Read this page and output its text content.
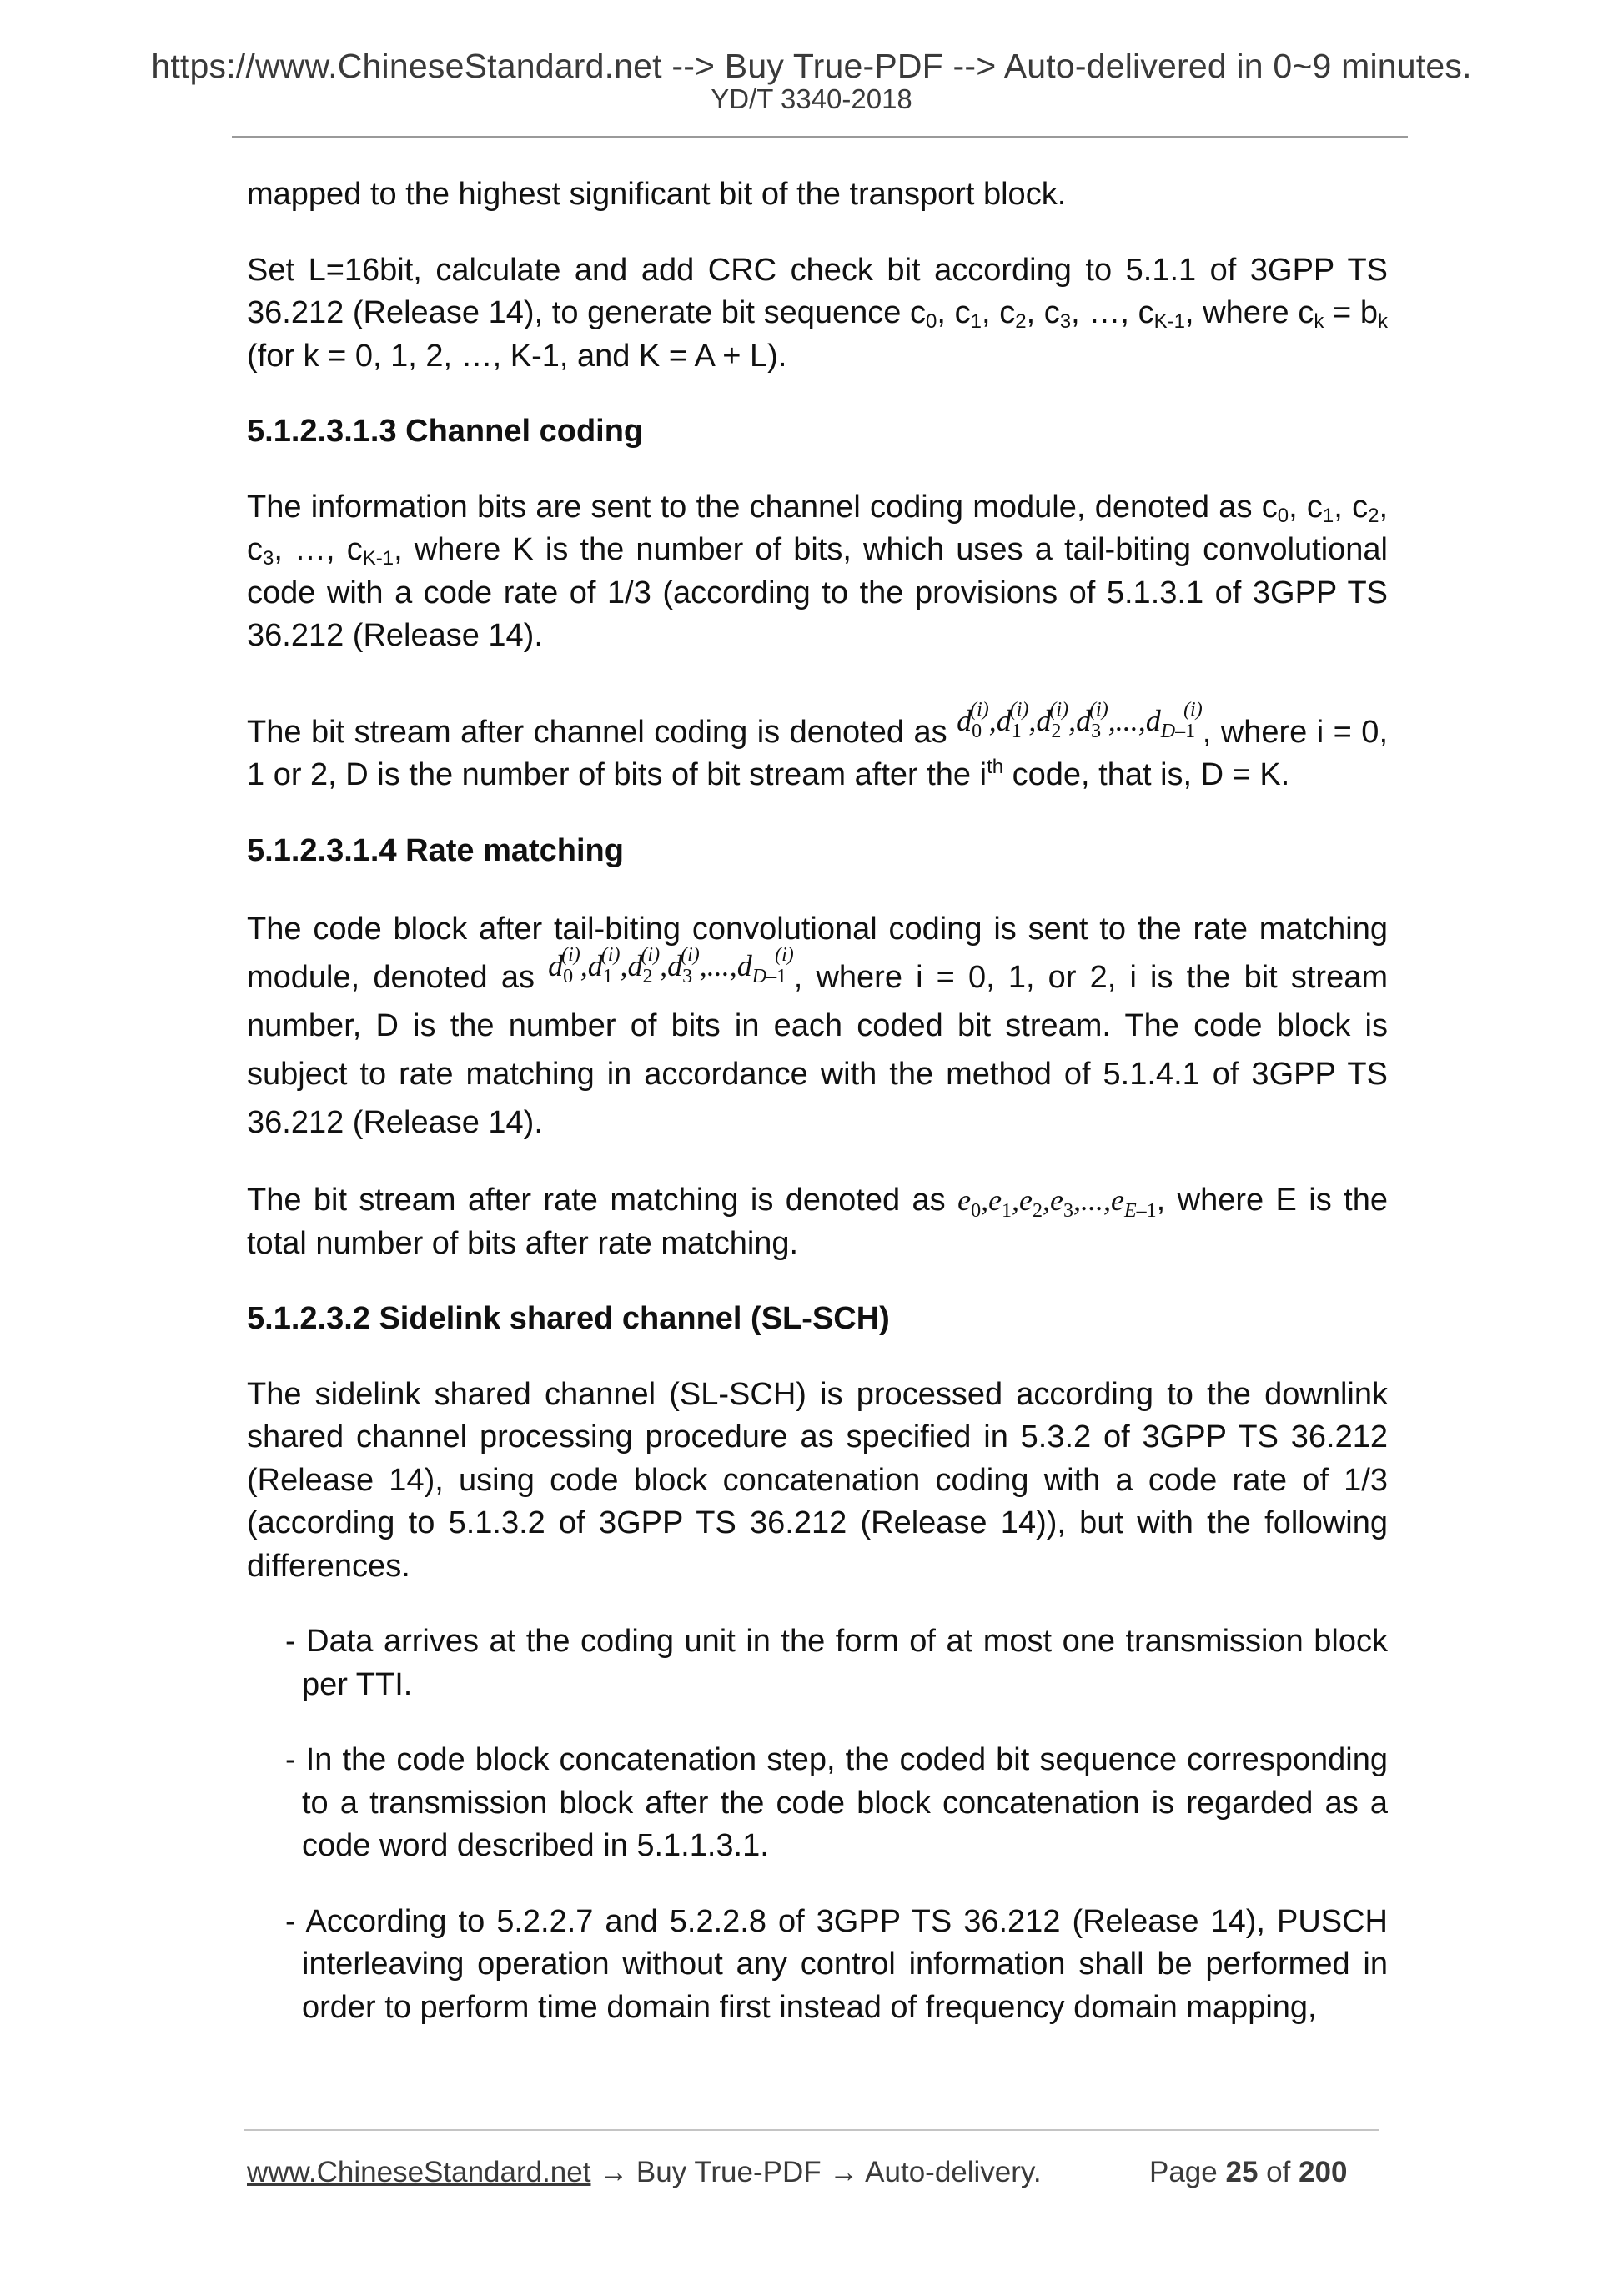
https://www.ChineseStandard.net --> Buy True-PDF --> Auto-delivered in 0~9 minutes.
YD/T 3340-2018

mapped to the highest significant bit of the transport block.

Set L=16bit, calculate and add CRC check bit according to 5.1.1 of 3GPP TS 36.212 (Release 14), to generate bit sequence $c_0$, $c_1$, $c_2$, $c_3$, …, $c_{K-1}$, where $c_k = b_k$ (for k = 0, 1, 2, …, K-1, and K = A + L).

5.1.2.3.1.3 Channel coding

The information bits are sent to the channel coding module, denoted as $c_0$, $c_1$, $c_2$, $c_3$, …, $c_{K-1}$, where K is the number of bits, which uses a tail-biting convolutional code with a code rate of 1/3 (according to the provisions of 5.1.3.1 of 3GPP TS 36.212 (Release 14).

The bit stream after channel coding is denoted as $d_0^{(i)},d_1^{(i)},d_2^{(i)},d_3^{(i)},...,d_{D-1}^{(i)}$, where i = 0, 1 or 2, D is the number of bits of bit stream after the $i^{th}$ code, that is, D = K.

5.1.2.3.1.4 Rate matching

The code block after tail-biting convolutional coding is sent to the rate matching module, denoted as $d_0^{(i)},d_1^{(i)},d_2^{(i)},d_3^{(i)},...,d_{D-1}^{(i)}$, where i = 0, 1, or 2, i is the bit stream number, D is the number of bits in each coded bit stream. The code block is subject to rate matching in accordance with the method of 5.1.4.1 of 3GPP TS 36.212 (Release 14).

The bit stream after rate matching is denoted as $e_0,e_1,e_2,e_3,...,e_{E-1}$, where E is the total number of bits after rate matching.

5.1.2.3.2 Sidelink shared channel (SL-SCH)

The sidelink shared channel (SL-SCH) is processed according to the downlink shared channel processing procedure as specified in 5.3.2 of 3GPP TS 36.212 (Release 14), using code block concatenation coding with a code rate of 1/3 (according to 5.1.3.2 of 3GPP TS 36.212 (Release 14)), but with the following differences.

- Data arrives at the coding unit in the form of at most one transmission block per TTI.

- In the code block concatenation step, the coded bit sequence corresponding to a transmission block after the code block concatenation is regarded as a code word described in 5.1.1.3.1.

- According to 5.2.2.7 and 5.2.2.8 of 3GPP TS 36.212 (Release 14), PUSCH interleaving operation without any control information shall be performed in order to perform time domain first instead of frequency domain mapping,

www.ChineseStandard.net → Buy True-PDF → Auto-delivery.	Page 25 of 200
